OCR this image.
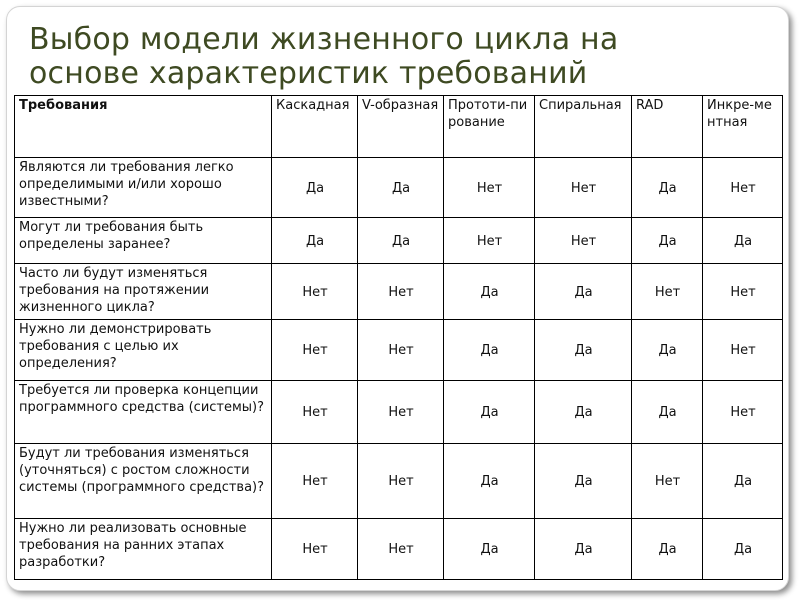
Выбор модели жизненного цикла на
основе характеристик требований
Требования	Каскадная	V-образная	Прототи-пирование	Спиральная	RAD	Инкре-ментная
Являются ли требования легко определимыми и/или хорошо известными?	Да	Да	Нет	Нет	Да	Нет
Могут ли требования быть определены заранее?	Да	Да	Нет	Нет	Да	Да
Часто ли будут изменяться требования на протяжении жизненного цикла?	Нет	Нет	Да	Да	Нет	Нет
Нужно ли демонстрировать требования с целью их определения?	Нет	Нет	Да	Да	Да	Нет
Требуется ли проверка концепции программного средства (системы)?	Нет	Нет	Да	Да	Да	Нет
Будут ли требования изменяться (уточняться) с ростом сложности системы (программного средства)?	Нет	Нет	Да	Да	Нет	Да
Нужно ли реализовать основные требования на ранних этапах разработки?	Нет	Нет	Да	Да	Да	Да
